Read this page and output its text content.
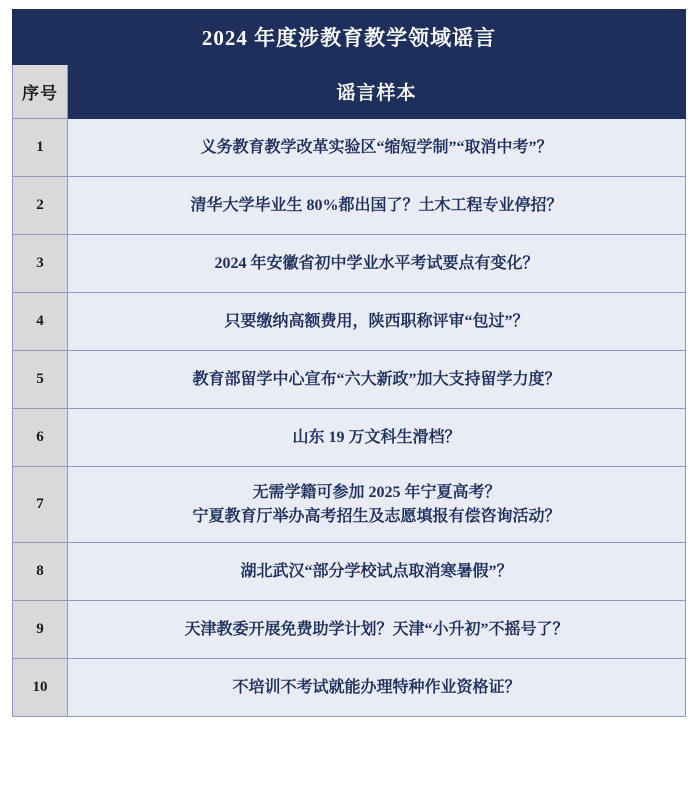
2024 年度涉教育教学领域谣言	
序号	谣言样本
1	义务教育教学改革实验区“缩短学制”“取消中考”？

2	清华大学毕业生 80%都出国了？土木工程专业停招？

3	2024 年安徽省初中学业水平考试要点有变化？

4	只要缴纳高额费用，陕西职称评审“包过”？

5	教育部留学中心宣布“六大新政”加大支持留学力度？

6	山东 19 万文科生滑档？

7	无需学籍可参加 2025 年宁夏高考？
宁夏教育厅举办高考招生及志愿填报有偿咨询活动？

8	湖北武汉“部分学校试点取消寒暑假”？

9	天津教委开展免费助学计划？天津“小升初”不摇号了？

10	不培训不考试就能办理特种作业资格证？
